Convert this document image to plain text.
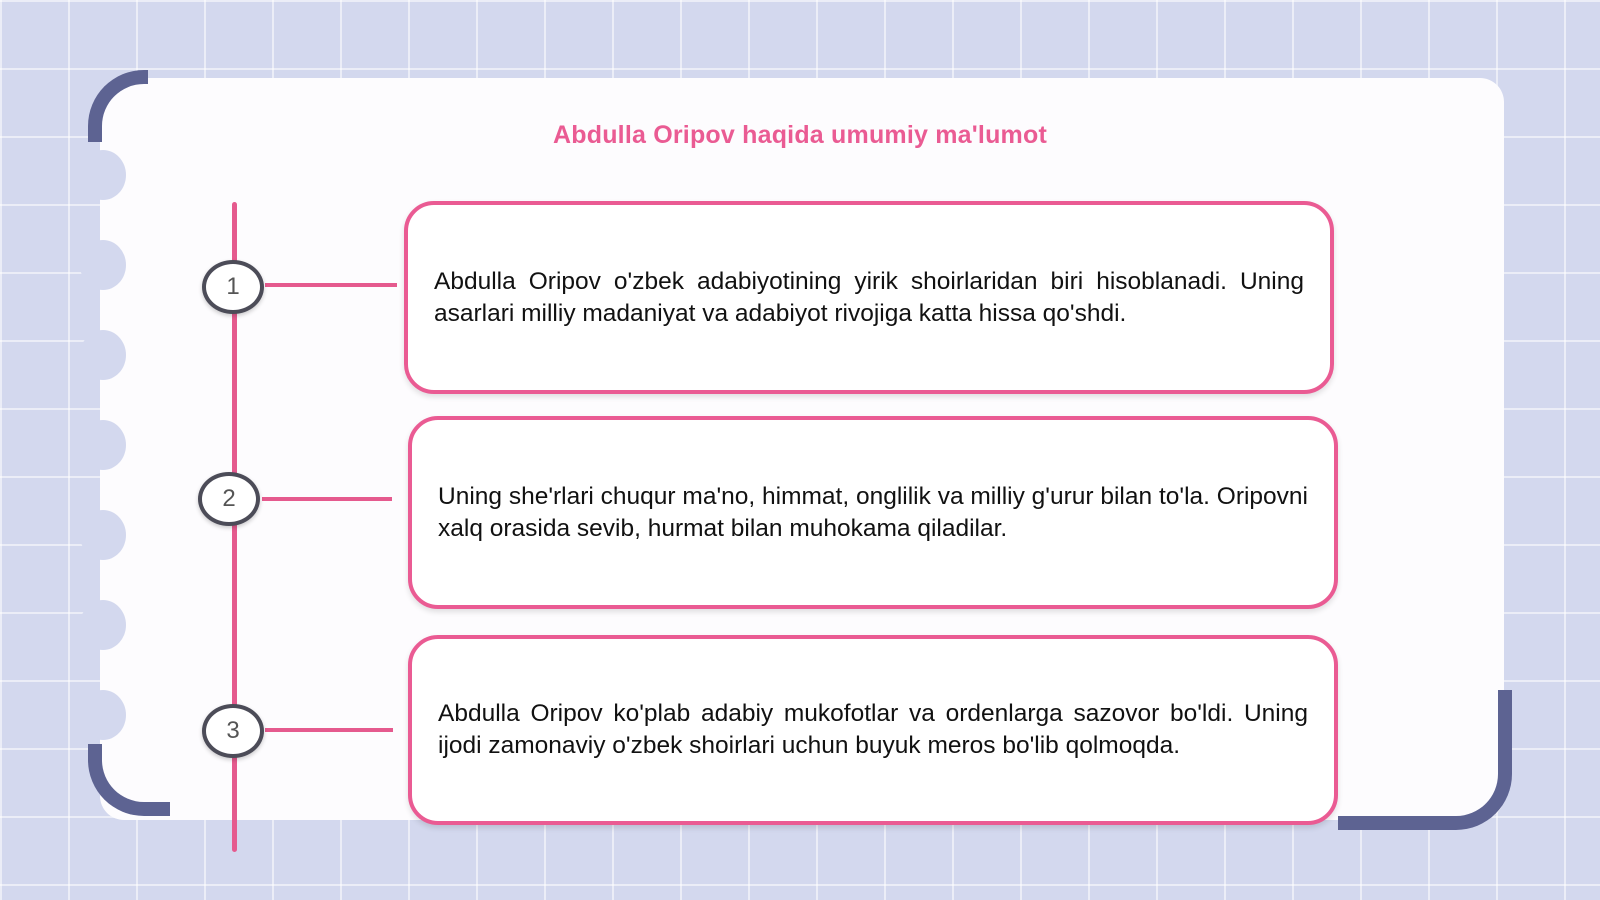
Abdulla Oripov haqida umumiy ma'lumot
1	Abdulla Oripov o'zbek adabiyotining yirik shoirlaridan biri hisoblanadi. Uning asarlari milliy madaniyat va adabiyot rivojiga katta hissa qo'shdi.

2	Uning she'rlari chuqur ma'no, himmat, onglilik va milliy g'urur bilan to'la. Oripovni xalq orasida sevib, hurmat bilan muhokama qiladilar.

3

Abdulla Oripov ko'plab adabiy mukofotlar va ordenlarga sazovor bo'ldi. Uning ijodi zamonaviy o'zbek shoirlari uchun buyuk meros bo'lib qolmoqda.
